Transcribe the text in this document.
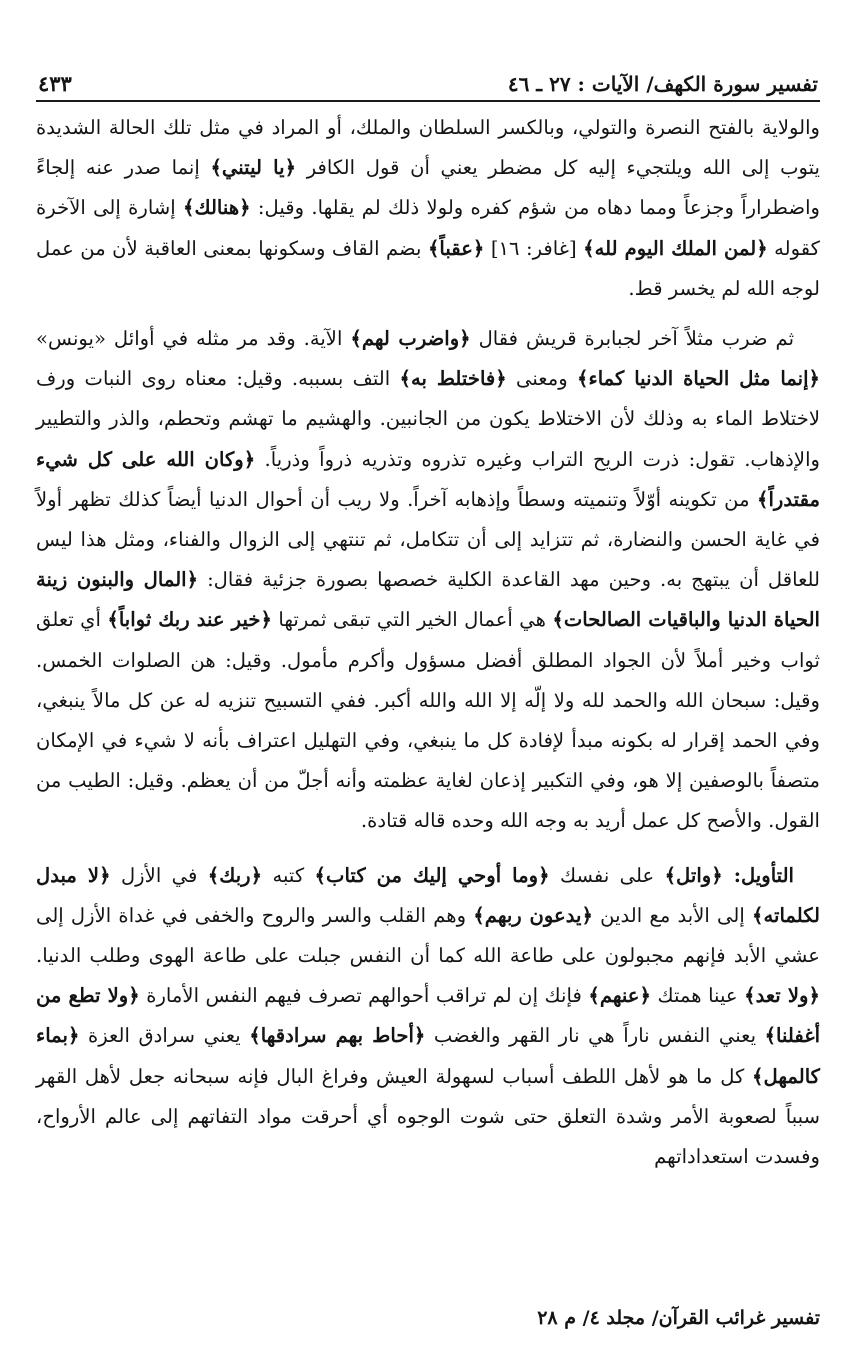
تفسير سورة الكهف/ الآيات : ٢٧ ـ ٤٦
٤٣٣

والولاية بالفتح النصرة والتولي، وبالكسر السلطان والملك، أو المراد في مثل تلك الحالة الشديدة يتوب إلى الله ويلتجيء إليه كل مضطر يعني أن قول الكافر ﴿يا ليتني﴾ إنما صدر عنه إلجاءً واضطراراً وجزعاً ومما دهاه من شؤم كفره ولولا ذلك لم يقلها. وقيل: ﴿هنالك﴾ إشارة إلى الآخرة كقوله ﴿لمن الملك اليوم لله﴾ [غافر: ١٦] ﴿عقباً﴾ بضم القاف وسكونها بمعنى العاقبة لأن من عمل لوجه الله لم يخسر قط.

ثم ضرب مثلاً آخر لجبابرة قريش فقال ﴿واضرب لهم﴾ الآية. وقد مر مثله في أوائل «يونس» ﴿إنما مثل الحياة الدنيا كماء﴾ ومعنى ﴿فاختلط به﴾ التف بسببه. وقيل: معناه روى النبات ورف لاختلاط الماء به وذلك لأن الاختلاط يكون من الجانبين. والهشيم ما تهشم وتحطم، والذر والتطيير والإذهاب. تقول: ذرت الريح التراب وغيره تذروه وتذريه ذرواً وذرياً. ﴿وكان الله على كل شيء مقتدراً﴾ من تكوينه أوّلاً وتنميته وسطاً وإذهابه آخراً. ولا ريب أن أحوال الدنيا أيضاً كذلك تظهر أولاً في غاية الحسن والنضارة، ثم تتزايد إلى أن تتكامل، ثم تنتهي إلى الزوال والفناء، ومثل هذا ليس للعاقل أن يبتهج به. وحين مهد القاعدة الكلية خصصها بصورة جزئية فقال: ﴿المال والبنون زينة الحياة الدنيا والباقيات الصالحات﴾ هي أعمال الخير التي تبقى ثمرتها ﴿خير عند ربك ثواباً﴾ أي تعلق ثواب وخير أملاً لأن الجواد المطلق أفضل مسؤول وأكرم مأمول. وقيل: هن الصلوات الخمس. وقيل: سبحان الله والحمد لله ولا إلّه إلا الله والله أكبر. ففي التسبيح تنزيه له عن كل مالاً ينبغي، وفي الحمد إقرار له بكونه مبدأ لإفادة كل ما ينبغي، وفي التهليل اعتراف بأنه لا شيء في الإمكان متصفاً بالوصفين إلا هو، وفي التكبير إذعان لغاية عظمته وأنه أجلّ من أن يعظم. وقيل: الطيب من القول. والأصح كل عمل أريد به وجه الله وحده قاله قتادة.

التأويل: ﴿واتل﴾ على نفسك ﴿وما أوحي إليك من كتاب﴾ كتبه ﴿ربك﴾ في الأزل ﴿لا مبدل لكلماته﴾ إلى الأبد مع الدين ﴿يدعون ربهم﴾ وهم القلب والسر والروح والخفى في غداة الأزل إلى عشي الأبد فإنهم مجبولون على طاعة الله كما أن النفس جبلت على طاعة الهوى وطلب الدنيا. ﴿ولا تعد﴾ عينا همتك ﴿عنهم﴾ فإنك إن لم تراقب أحوالهم تصرف فيهم النفس الأمارة ﴿ولا تطع من أغفلنا﴾ يعني النفس ناراً هي نار القهر والغضب ﴿أحاط بهم سرادقها﴾ يعني سرادق العزة ﴿بماء كالمهل﴾ كل ما هو لأهل اللطف أسباب لسهولة العيش وفراغ البال فإنه سبحانه جعل لأهل القهر سبباً لصعوبة الأمر وشدة التعلق حتى شوت الوجوه أي أحرقت مواد التفاتهم إلى عالم الأرواح، وفسدت استعداداتهم

تفسير غرائب القرآن/ مجلد ٤/ م ٢٨
